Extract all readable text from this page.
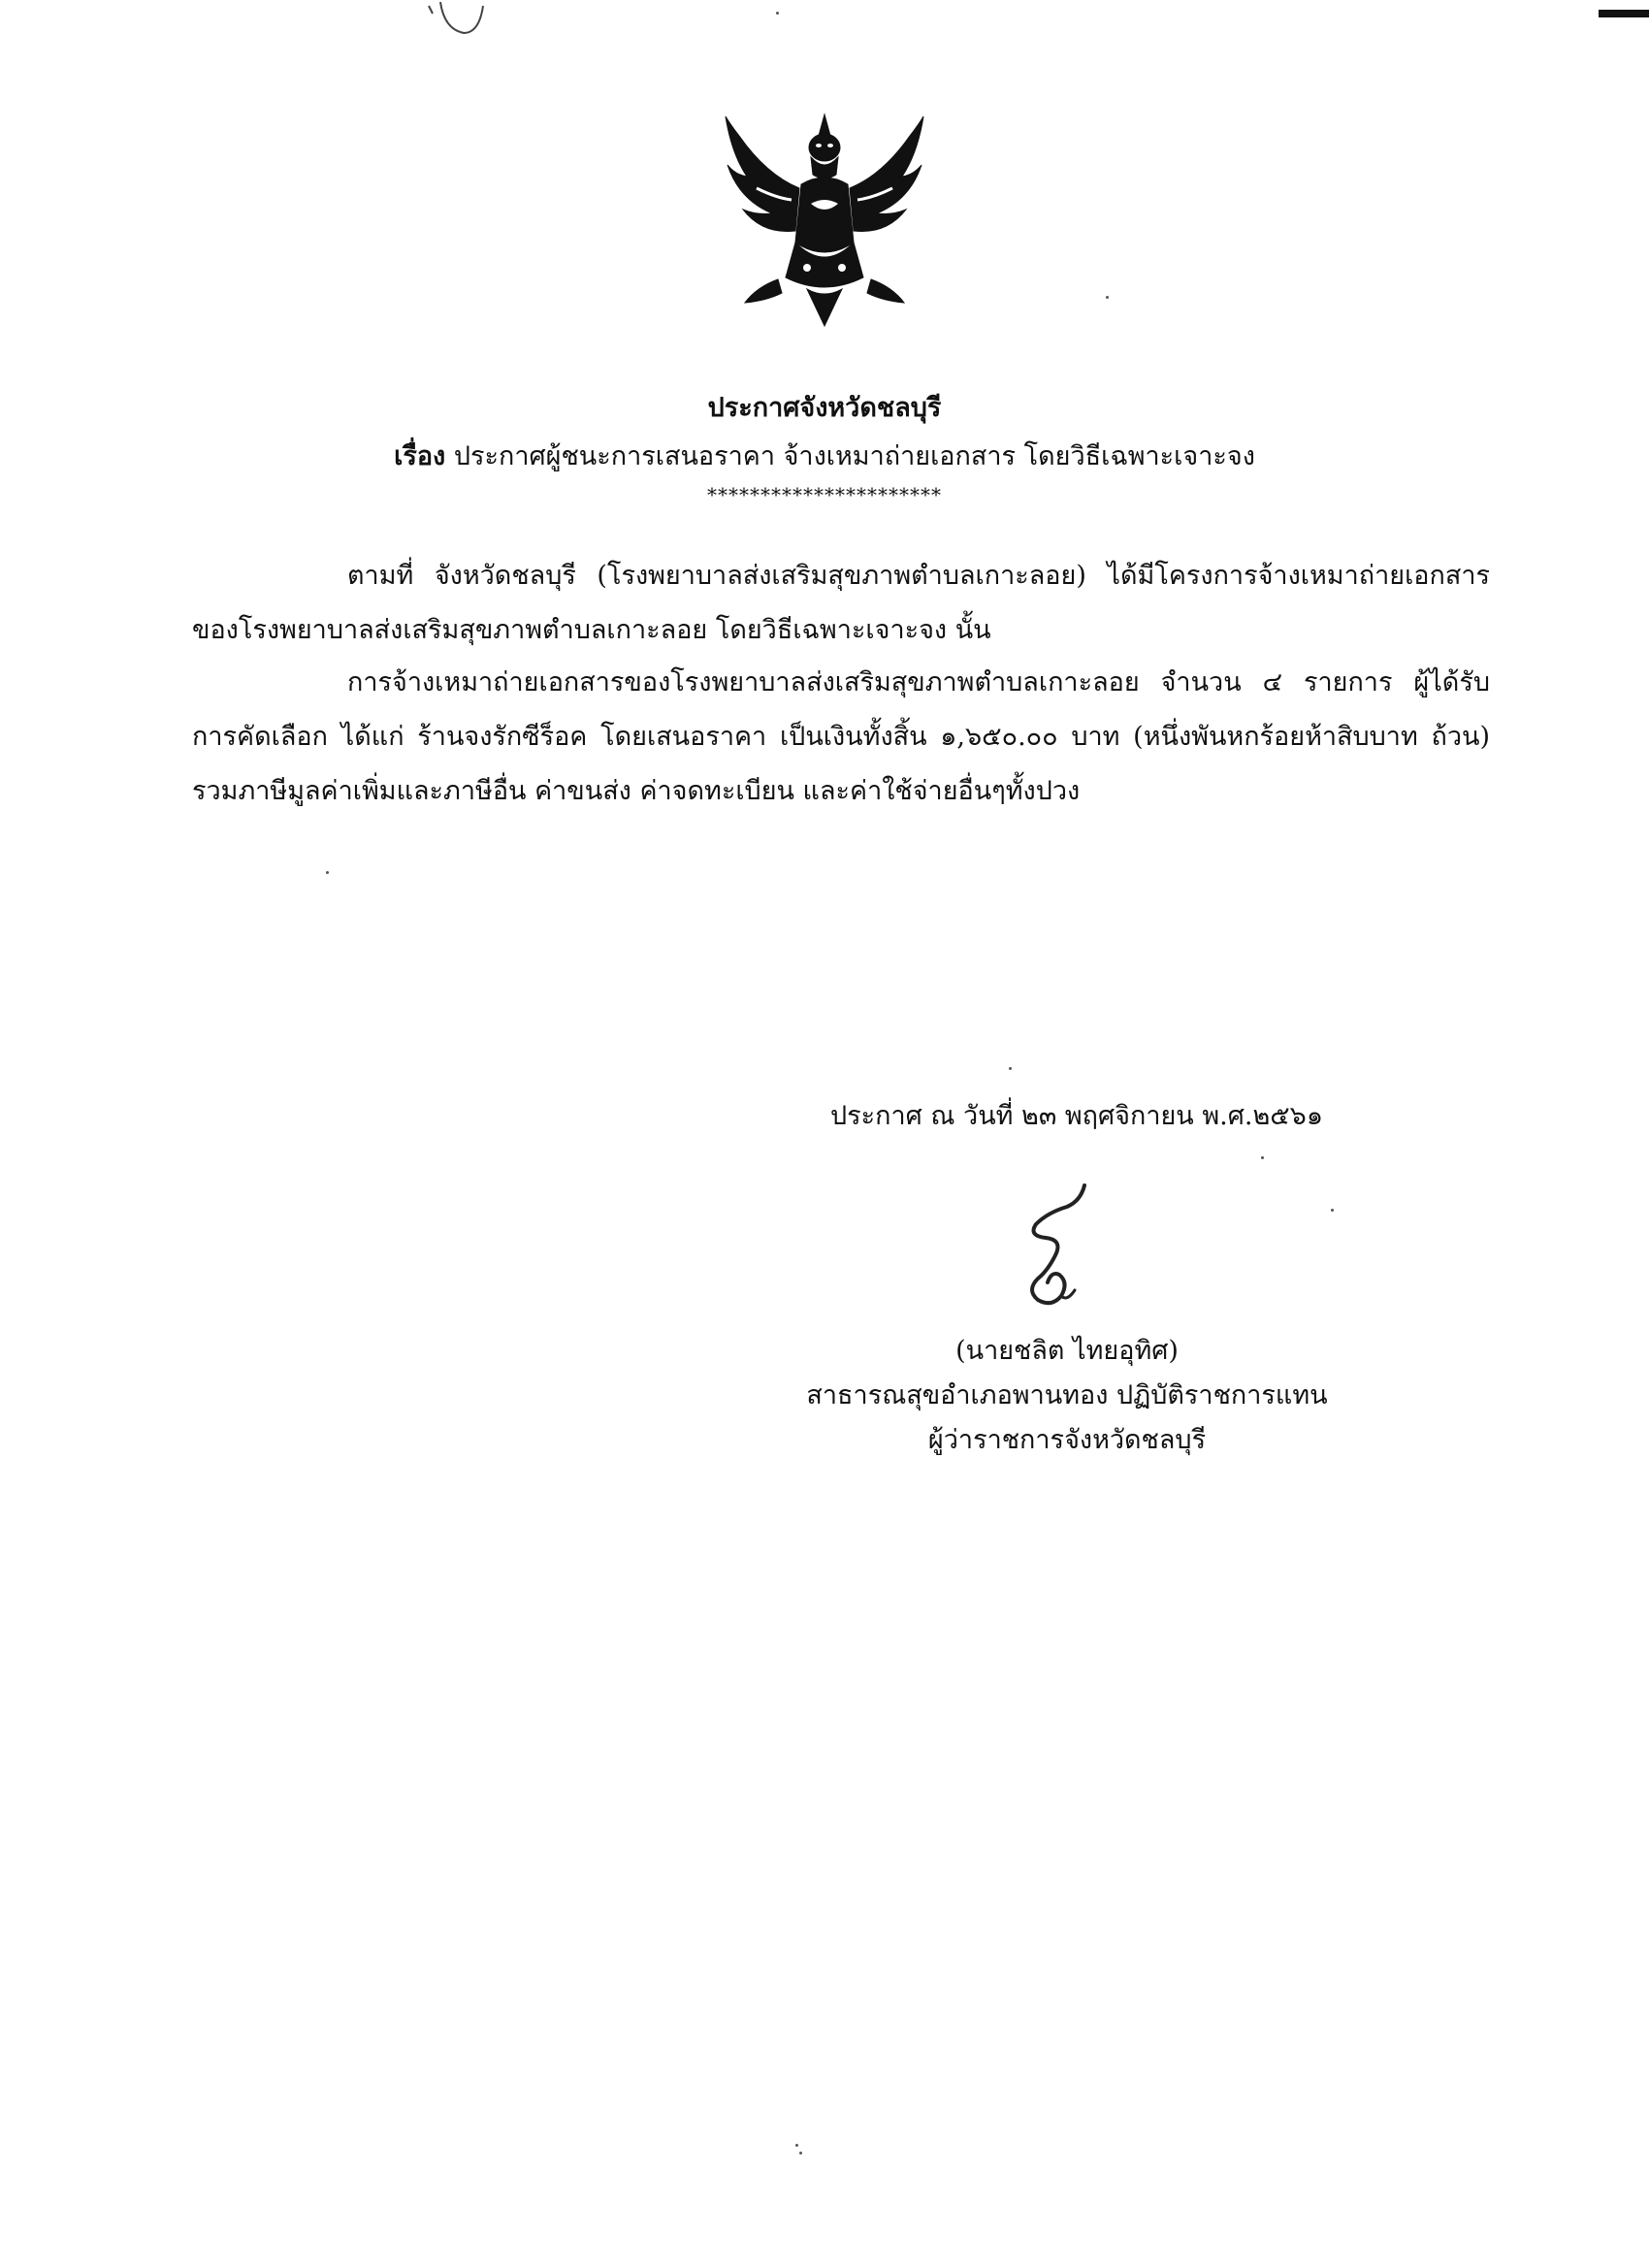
ประกาศจังหวัดชลบุรี
เรื่อง ประกาศผู้ชนะการเสนอราคา จ้างเหมาถ่ายเอกสาร โดยวิธีเฉพาะเจาะจง
**********************
ตามที่ จังหวัดชลบุรี (โรงพยาบาลส่งเสริมสุขภาพตำบลเกาะลอย) ได้มีโครงการจ้างเหมาถ่ายเอกสาร ของโรงพยาบาลส่งเสริมสุขภาพตำบลเกาะลอย โดยวิธีเฉพาะเจาะจง นั้น
การจ้างเหมาถ่ายเอกสารของโรงพยาบาลส่งเสริมสุขภาพตำบลเกาะลอย จำนวน ๔ รายการ ผู้ได้รับ การคัดเลือก ได้แก่ ร้านจงรักซีร็อค โดยเสนอราคา เป็นเงินทั้งสิ้น ๑,๖๕๐.๐๐ บาท (หนึ่งพันหกร้อยห้าสิบบาท ถ้วน) รวมภาษีมูลค่าเพิ่มและภาษีอื่น ค่าขนส่ง ค่าจดทะเบียน และค่าใช้จ่ายอื่นๆทั้งปวง
ประกาศ ณ วันที่ ๒๓ พฤศจิกายน พ.ศ.๒๕๖๑
(นายชลิต ไทยอุทิศ)
สาธารณสุขอำเภอพานทอง ปฏิบัติราชการแทน
ผู้ว่าราชการจังหวัดชลบุรี
